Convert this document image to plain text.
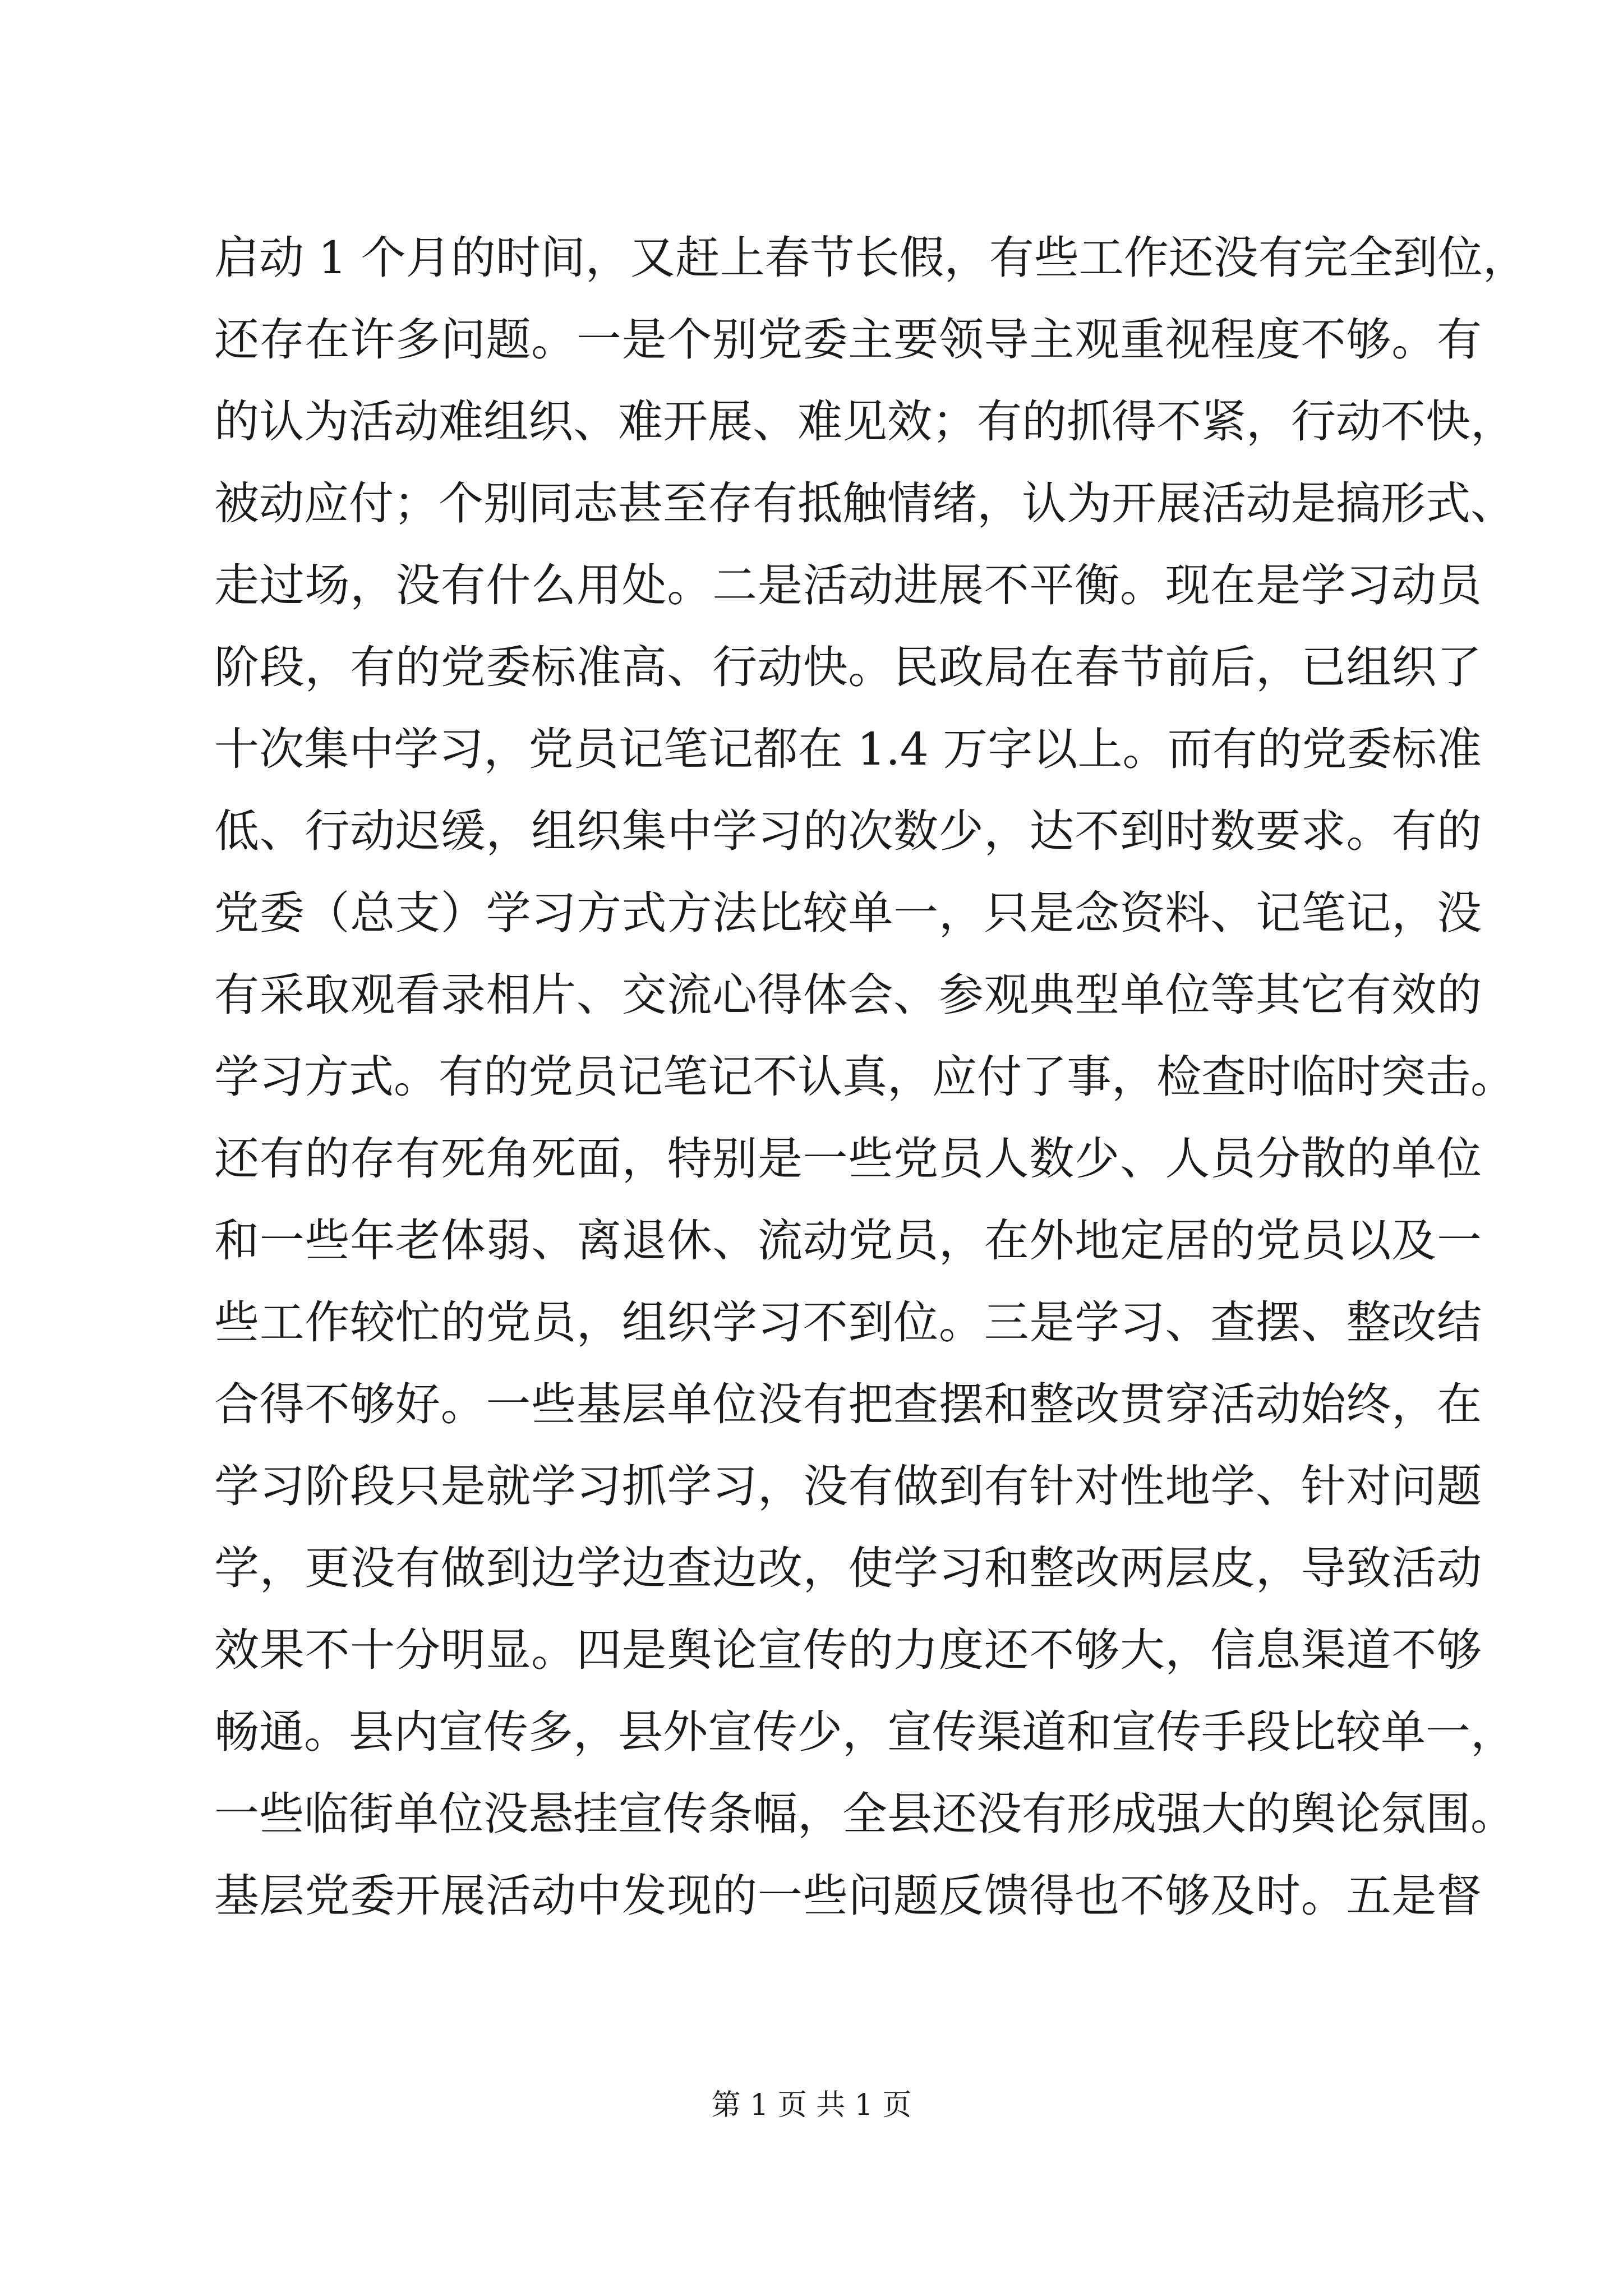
启动 1 个月的时间，又赶上春节长假，有些工作还没有完全到位，
还存在许多问题。一是个别党委主要领导主观重视程度不够。有
的认为活动难组织、难开展、难见效；有的抓得不紧，行动不快，
被动应付；个别同志甚至存有抵触情绪，认为开展活动是搞形式、
走过场，没有什么用处。二是活动进展不平衡。现在是学习动员
阶段，有的党委标准高、行动快。民政局在春节前后，已组织了
十次集中学习，党员记笔记都在 1.4 万字以上。而有的党委标准
低、行动迟缓，组织集中学习的次数少，达不到时数要求。有的
党委（总支）学习方式方法比较单一，只是念资料、记笔记，没
有采取观看录相片、交流心得体会、参观典型单位等其它有效的
学习方式。有的党员记笔记不认真，应付了事，检查时临时突击。
还有的存有死角死面，特别是一些党员人数少、人员分散的单位
和一些年老体弱、离退休、流动党员，在外地定居的党员以及一
些工作较忙的党员，组织学习不到位。三是学习、查摆、整改结
合得不够好。一些基层单位没有把查摆和整改贯穿活动始终，在
学习阶段只是就学习抓学习，没有做到有针对性地学、针对问题
学，更没有做到边学边查边改，使学习和整改两层皮，导致活动
效果不十分明显。四是舆论宣传的力度还不够大，信息渠道不够
畅通。县内宣传多，县外宣传少，宣传渠道和宣传手段比较单一，
一些临街单位没悬挂宣传条幅，全县还没有形成强大的舆论氛围。
基层党委开展活动中发现的一些问题反馈得也不够及时。五是督
第 1 页 共 1 页
